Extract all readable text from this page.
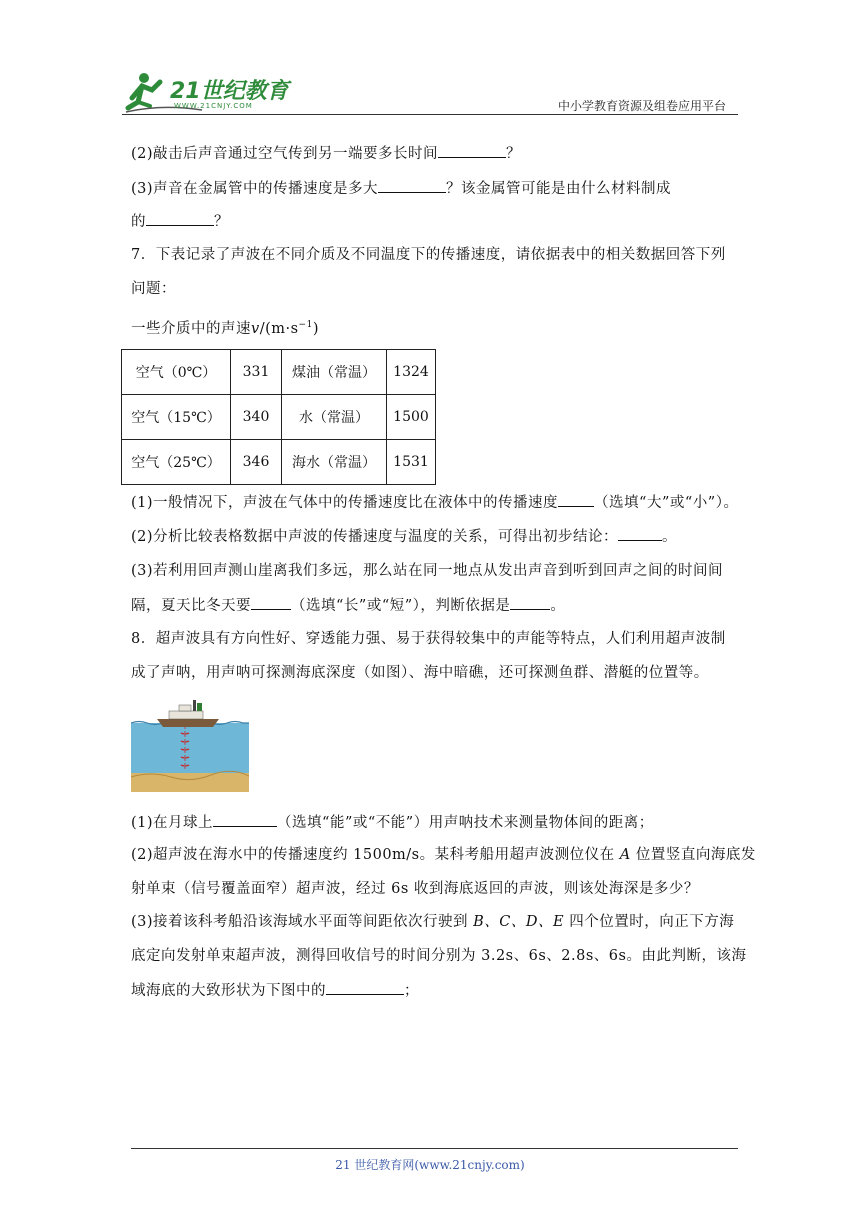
21世纪教育
WWW.21CNJY.COM	中小学教育资源及组卷应用平台
(2)敲击后声音通过空气传到另一端要多长时间	？
(3)声音在金属管中的传播速度是多大	？该金属管可能是由什么材料制成
的	？
7．下表记录了声波在不同介质及不同温度下的传播速度，请依据表中的相关数据回答下列
问题：
一些介质中的声速$v/(m\cdot s^{-1})$
空气（0℃）	331	煤油（常温）	1324
空气（15℃）	340	水（常温）	1500
空气（25℃）	346	海水（常温）	1531
(1)一般情况下，声波在气体中的传播速度比在液体中的传播速度 （选填“大”或“小”）。
(2)分析比较表格数据中声波的传播速度与温度的关系，可得出初步结论：	。
(3)若利用回声测山崖离我们多远，那么站在同一地点从发出声音到听到回声之间的时间间
隔，夏天比冬天要	（选填“长”或“短”），判断依据是	。
8．超声波具有方向性好、穿透能力强、易于获得较集中的声能等特点，人们利用超声波制
成了声呐，用声呐可探测海底深度（如图）、海中暗礁，还可探测鱼群、潜艇的位置等。
(1)在月球上	（选填“能”或“不能”）用声呐技术来测量物体间的距离；
(2)超声波在海水中的传播速度约 1500m/s。某科考船用超声波测位仪在 A 位置竖直向海底发
射单束（信号覆盖面窄）超声波，经过 6s 收到海底返回的声波，则该处海深是多少？
(3)接着该科考船沿该海域水平面等间距依次行驶到 B、C、D、E 四个位置时，向正下方海
底定向发射单束超声波，测得回收信号的时间分别为 3.2s、6s、2.8s、6s。由此判断，该海
域海底的大致形状为下图中的	；
21 世纪教育网(www.21cnjy.com)
